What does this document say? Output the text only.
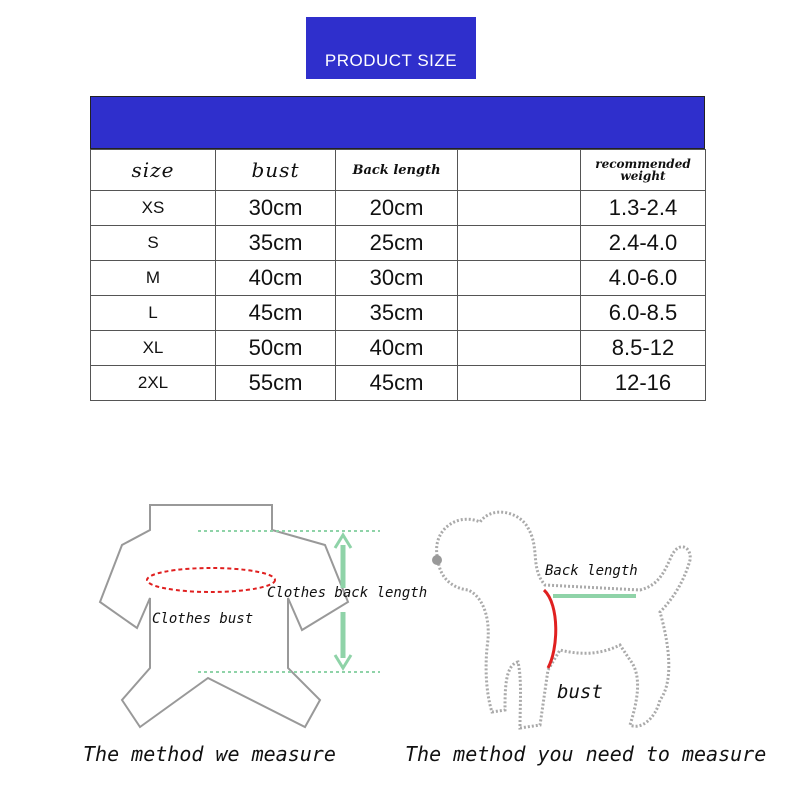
PRODUCT SIZE
size	bust	Back length		recommended weight
XS	30cm	20cm		1.3-2.4
S	35cm	25cm		2.4-4.0
M	40cm	30cm		4.0-6.0
L	45cm	35cm		6.0-8.5
XL	50cm	40cm		8.5-12
2XL	55cm	45cm		12-16
Clothes bust
Clothes back length
Back length
bust
The method we measure	The method you need to measure
